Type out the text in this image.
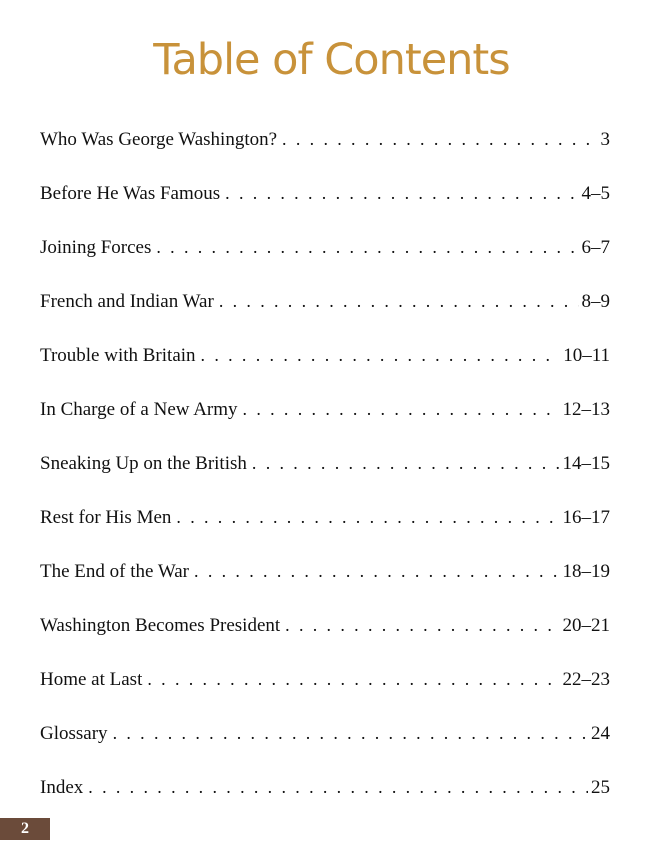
Table of Contents
Who Was George Washington? . . .	3
Before He Was Famous . . .	4–5
Joining Forces . . .	6–7
French and Indian War . . .	8–9
Trouble with Britain . . .	10–11
In Charge of a New Army . . .	12–13
Sneaking Up on the British . . .	14–15
Rest for His Men . . .	16–17
The End of the War . . .	18–19
Washington Becomes President . . .	20–21
Home at Last . . .	22–23
Glossary . . .	24
Index . . .	25
2
